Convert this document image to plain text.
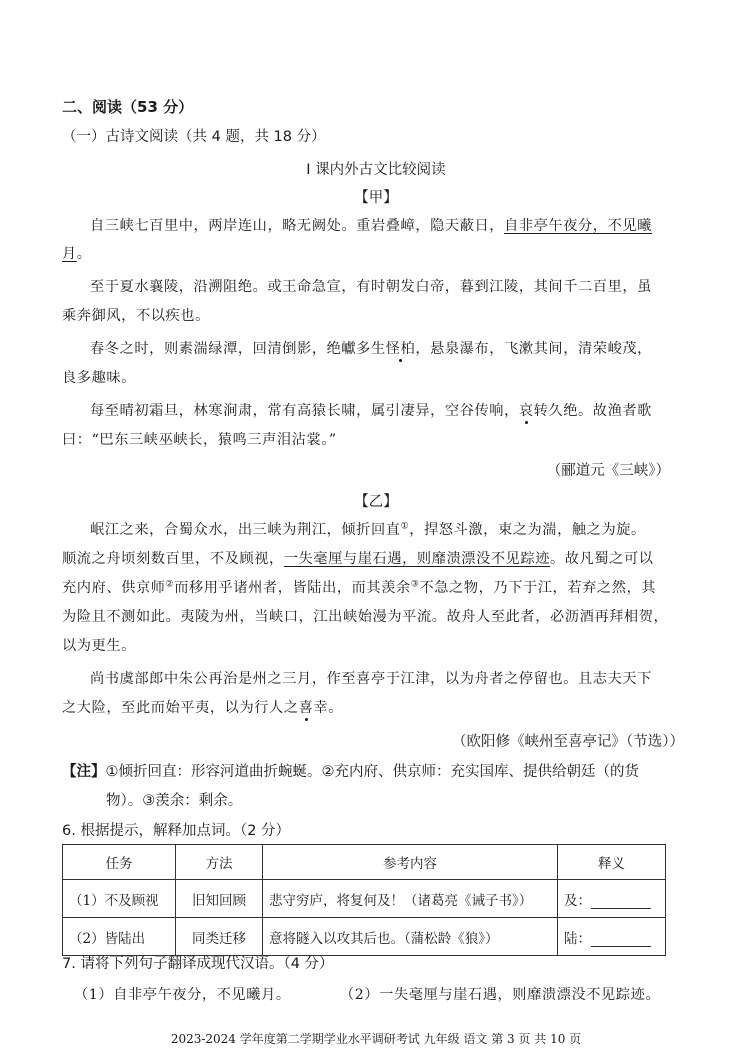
二、阅读（53 分）
（一）古诗文阅读（共 4 题，共 18 分）
Ⅰ 课内外古文比较阅读
【甲】
自三峡七百里中，两岸连山，略无阙处。重岩叠嶂，隐天蔽日，自非亭午夜分，不见曦
月。
至于夏水襄陵，沿溯阻绝。或王命急宣，有时朝发白帝，暮到江陵，其间千二百里，虽
乘奔御风，不以疾也。
春冬之时，则素湍绿潭，回清倒影，绝巘多生怪柏，悬泉瀑布，飞漱其间，清荣峻茂，
良多趣味。
每至晴初霜旦，林寒涧肃，常有高猿长啸，属引凄异，空谷传响，哀转久绝。故渔者歌
曰：“巴东三峡巫峡长，猿鸣三声泪沾裳。”
（郦道元《三峡》）
【乙】
岷江之来，合蜀众水，出三峡为荆江，倾折回直①，捍怒斗激，束之为湍，触之为旋。
顺流之舟顷刻数百里，不及顾视，一失毫厘与崖石遇，则靡溃漂没不见踪迹。故凡蜀之可以
充内府、供京师②而移用乎诸州者，皆陆出，而其羡余③不急之物，乃下于江，若弃之然，其
为险且不测如此。夷陵为州，当峡口，江出峡始漫为平流。故舟人至此者，必沥酒再拜相贺，
以为更生。
尚书虞部郎中朱公再治是州之三月，作至喜亭于江津，以为舟者之停留也。且志夫天下
之大险，至此而始平夷，以为行人之喜幸。
（欧阳修《峡州至喜亭记》（节选））
【注】①倾折回直：形容河道曲折蜿蜒。②充内府、供京师：充实国库、提供给朝廷（的货
物）。③羡余：剩余。
6. 根据提示，解释加点词。（2 分）
任务	方法	参考内容	释义
（1）不及顾视	旧知回顾	悲守穷庐，将复何及！（诸葛亮《诫子书》）	及：
（2）皆陆出	同类迁移	意将隧入以攻其后也。（蒲松龄《狼》）	陆：
7. 请将下列句子翻译成现代汉语。（4 分）
（1）自非亭午夜分，不见曦月。	（2）一失毫厘与崖石遇，则靡溃漂没不见踪迹。
2023-2024 学年度第二学期学业水平调研考试 九年级 语文 第 3 页 共 10 页
